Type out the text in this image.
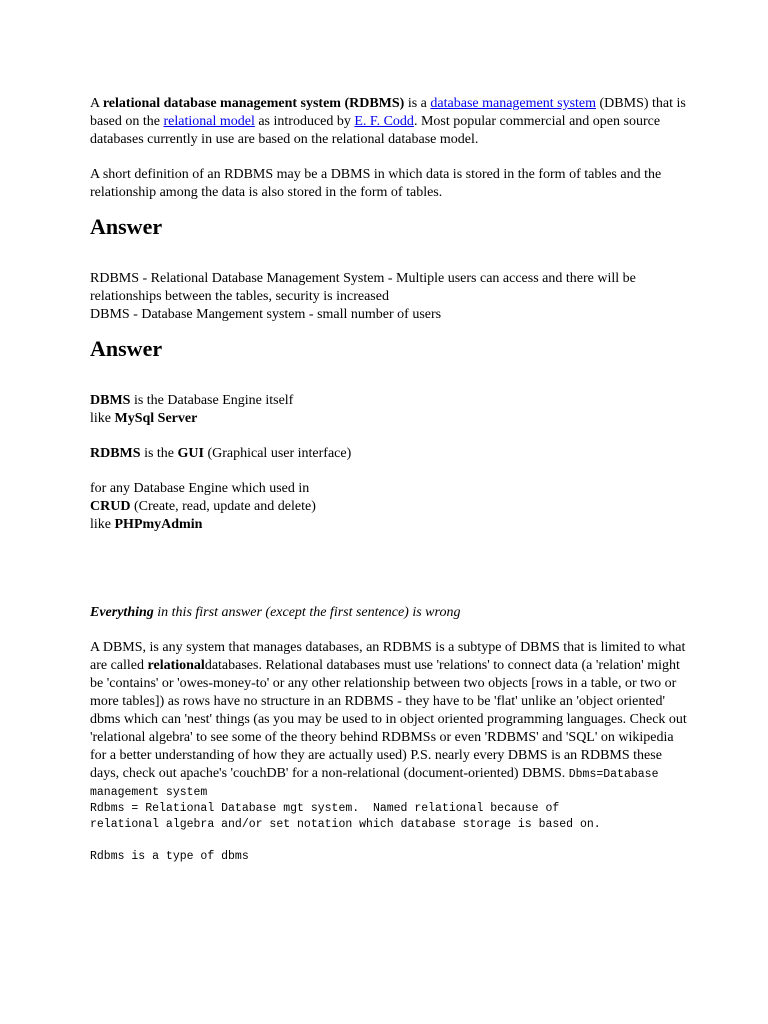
A relational database management system (RDBMS) is a database management system (DBMS) that is based on the relational model as introduced by E. F. Codd. Most popular commercial and open source databases currently in use are based on the relational database model.

A short definition of an RDBMS may be a DBMS in which data is stored in the form of tables and the relationship among the data is also stored in the form of tables.

Answer

RDBMS - Relational Database Management System - Multiple users can access and there will be relationships between the tables, security is increased

DBMS - Database Mangement system - small number of users

Answer

DBMS is the Database Engine itself

like MySql Server

RDBMS is the GUI (Graphical user interface)

for any Database Engine which used in

CRUD (Create, read, update and delete)

like PHPmyAdmin

Everything in this first answer (except the first sentence) is wrong

A DBMS, is any system that manages databases, an RDBMS is a subtype of DBMS that is limited to what are called relationaldatabases. Relational databases must use 'relations' to connect data (a 'relation' might be 'contains' or 'owes-money-to' or any other relationship between two objects [rows in a table, or two or more tables]) as rows have no structure in an RDBMS - they have to be 'flat' unlike an 'object oriented' dbms which can 'nest' things (as you may be used to in object oriented programming languages. Check out 'relational algebra' to see some of the theory behind RDBMSs or even 'RDBMS' and 'SQL' on wikipedia for a better understanding of how they are actually used) P.S. nearly every DBMS is an RDBMS these days, check out apache's 'couchDB' for a non-relational (document-oriented) DBMS. Dbms=Database management system

Rdbms = Relational Database mgt system.  Named relational because of
relational algebra and/or set notation which database storage is based on.

Rdbms is a type of dbms
